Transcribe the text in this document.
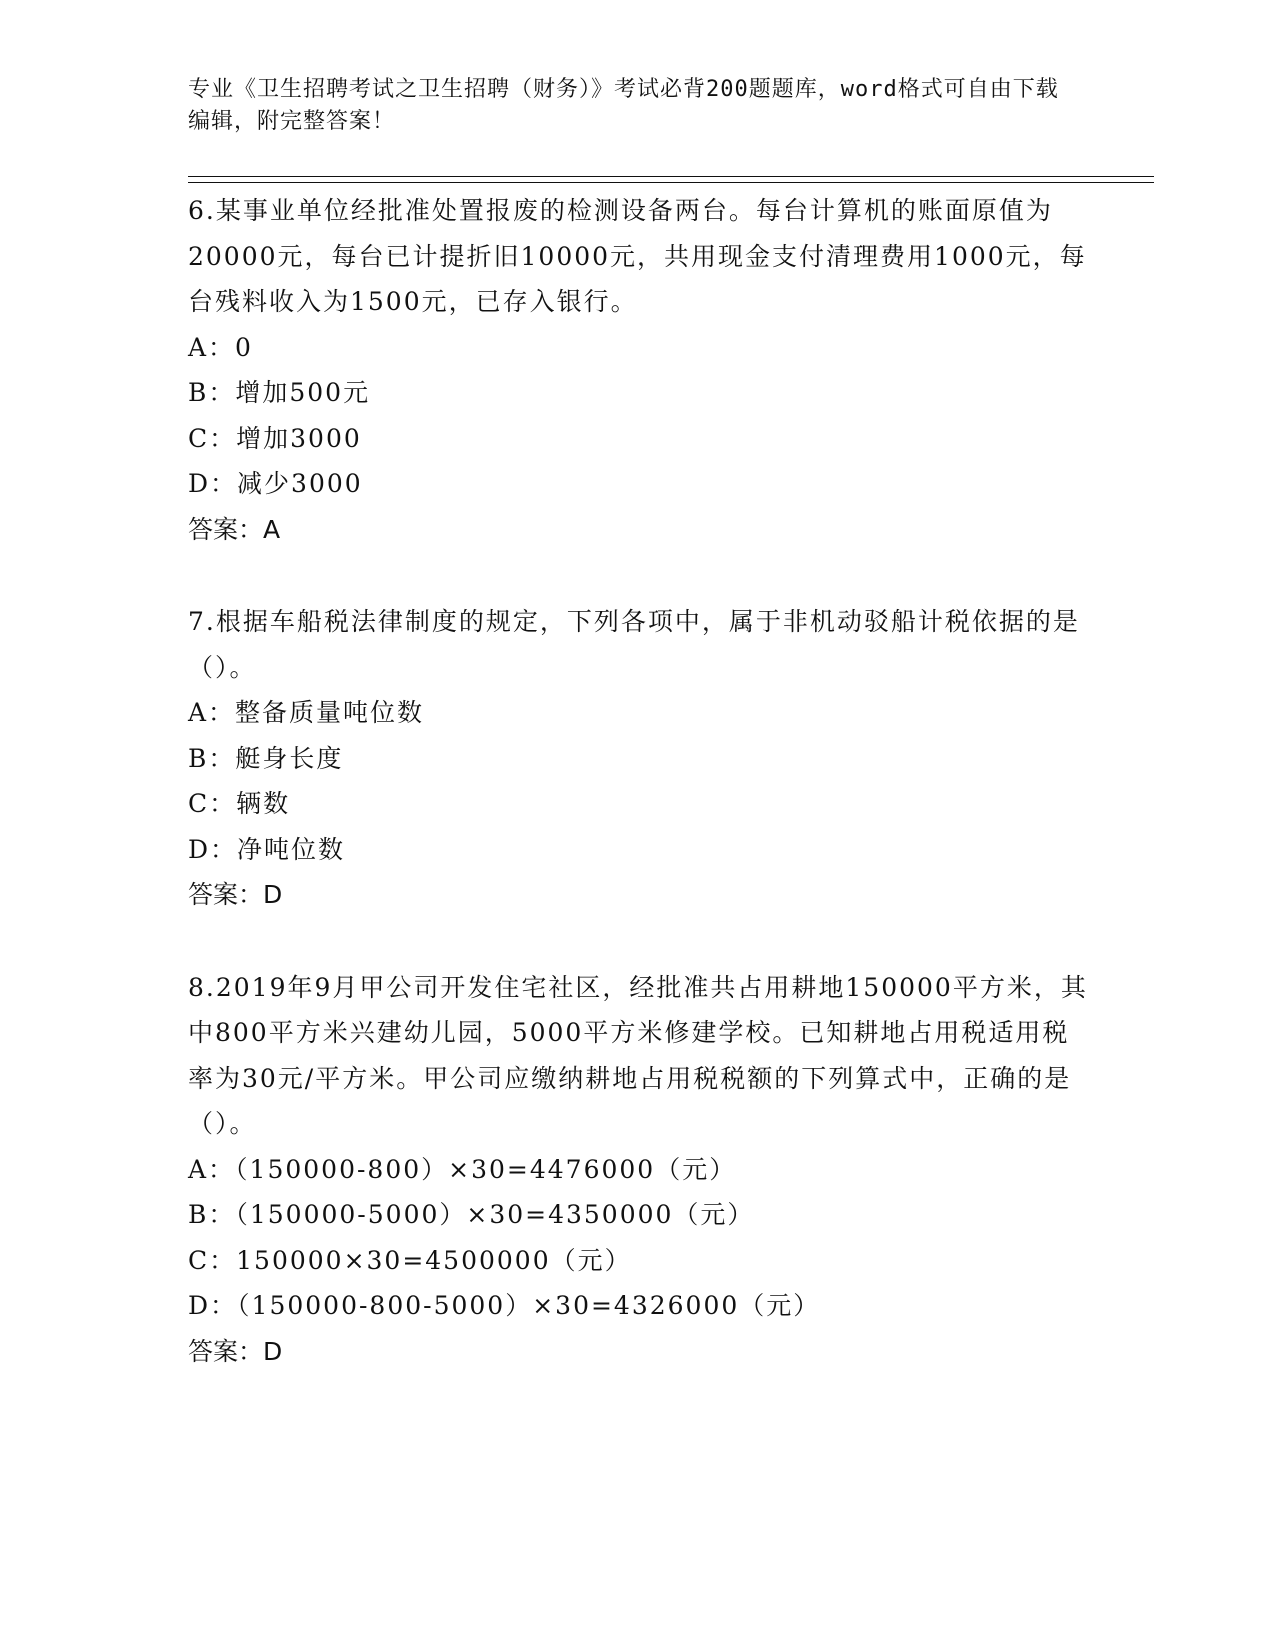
专业《卫生招聘考试之卫生招聘（财务）》考试必背200题题库，word格式可自由下载编辑，附完整答案！

6.某事业单位经批准处置报废的检测设备两台。每台计算机的账面原值为20000元，每台已计提折旧10000元，共用现金支付清理费用1000元，每台残料收入为1500元，已存入银行。

A：0
B：增加500元
C：增加3000
D：减少3000

答案：A

7.根据车船税法律制度的规定，下列各项中，属于非机动驳船计税依据的是（）。

A：整备质量吨位数
B：艇身长度
C：辆数
D：净吨位数

答案：D

8.2019年9月甲公司开发住宅社区，经批准共占用耕地150000平方米，其中800平方米兴建幼儿园，5000平方米修建学校。已知耕地占用税适用税率为30元/平方米。甲公司应缴纳耕地占用税税额的下列算式中，正确的是（）。

A：（150000-800）×30=4476000（元）
B：（150000-5000）×30=4350000（元）
C：150000×30=4500000（元）
D：（150000-800-5000）×30=4326000（元）

答案：D
